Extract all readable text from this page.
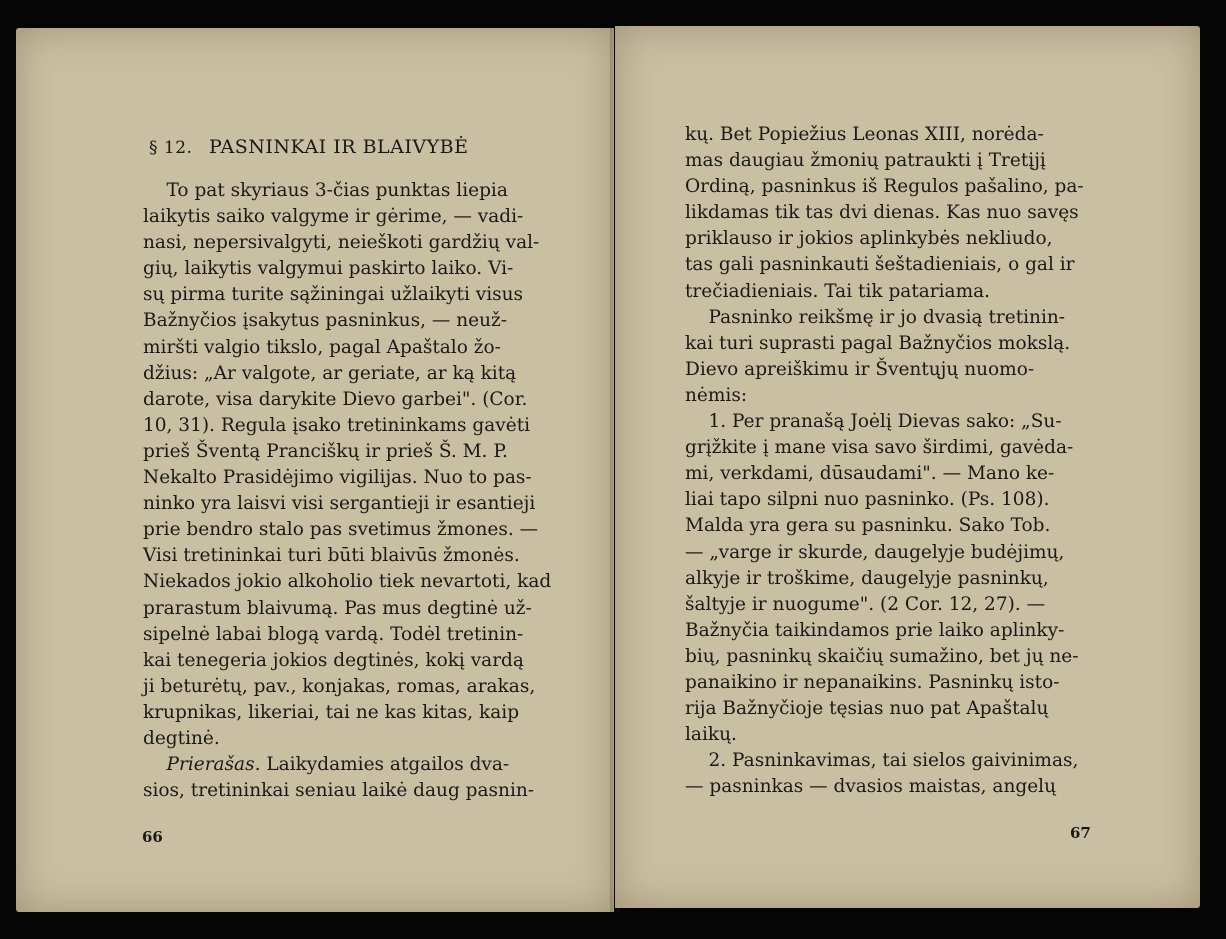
§ 12. PASNINKAI IR BLAIVYBĖ
To pat skyriaus 3-čias punktas liepia
laikytis saiko valgyme ir gėrime, — vadi-
nasi, nepersivalgyti, neieškoti gardžių val-
gių, laikytis valgymui paskirto laiko. Vi-
sų pirma turite sąžiningai užlaikyti visus
Bažnyčios įsakytus pasninkus, — neuž-
miršti valgio tikslo, pagal Apaštalo žo-
džius: „Ar valgote, ar geriate, ar ką kitą
darote, visa darykite Dievo garbei". (Cor.
10, 31). Regula įsako tretininkams gavėti
prieš Šventą Pranciškų ir prieš Š. M. P.
Nekalto Prasidėjimo vigilijas. Nuo to pas-
ninko yra laisvi visi sergantieji ir esantieji
prie bendro stalo pas svetimus žmones. —
Visi tretininkai turi būti blaivūs žmonės.
Niekados jokio alkoholio tiek nevartoti, kad
prarastum blaivumą. Pas mus degtinė už-
sipelnė labai blogą vardą. Todėl tretinin-
kai tenegeria jokios degtinės, kokį vardą
ji beturėtų, pav., konjakas, romas, arakas,
krupnikas, likeriai, tai ne kas kitas, kaip
degtinė.
Prierašas. Laikydamies atgailos dva-
sios, tretininkai seniau laikė daug pasnin-
66
kų. Bet Popiežius Leonas XIII, norėda-
mas daugiau žmonių patraukti į Tretįjį
Ordiną, pasninkus iš Regulos pašalino, pa-
likdamas tik tas dvi dienas. Kas nuo savęs
priklauso ir jokios aplinkybės nekliudo,
tas gali pasninkauti šeštadieniais, o gal ir
trečiadieniais. Tai tik patariama.
Pasninko reikšmę ir jo dvasią tretinin-
kai turi suprasti pagal Bažnyčios mokslą.
Dievo apreiškimu ir Šventųjų nuomo-
nėmis:
1. Per pranašą Joėlį Dievas sako: „Su-
grįžkite į mane visa savo širdimi, gavėda-
mi, verkdami, dūsaudami". — Mano ke-
liai tapo silpni nuo pasninko. (Ps. 108).
Malda yra gera su pasninku. Sako Tob.
— „vargе ir skurde, daugelyje budėjimų,
alkyje ir troškime, daugelyje pasninkų,
šaltyje ir nuogume". (2 Cor. 12, 27). —
Bažnyčia taikindamos prie laiko aplinky-
bių, pasninkų skaičių sumažino, bet jų ne-
panaikino ir nepanaikins. Pasninkų isto-
rija Bažnyčioje tęsias nuo pat Apaštalų
laikų.
2. Pasninkavimas, tai sielos gaivinimas,
— pasninkas — dvasios maistas, angelų
67
